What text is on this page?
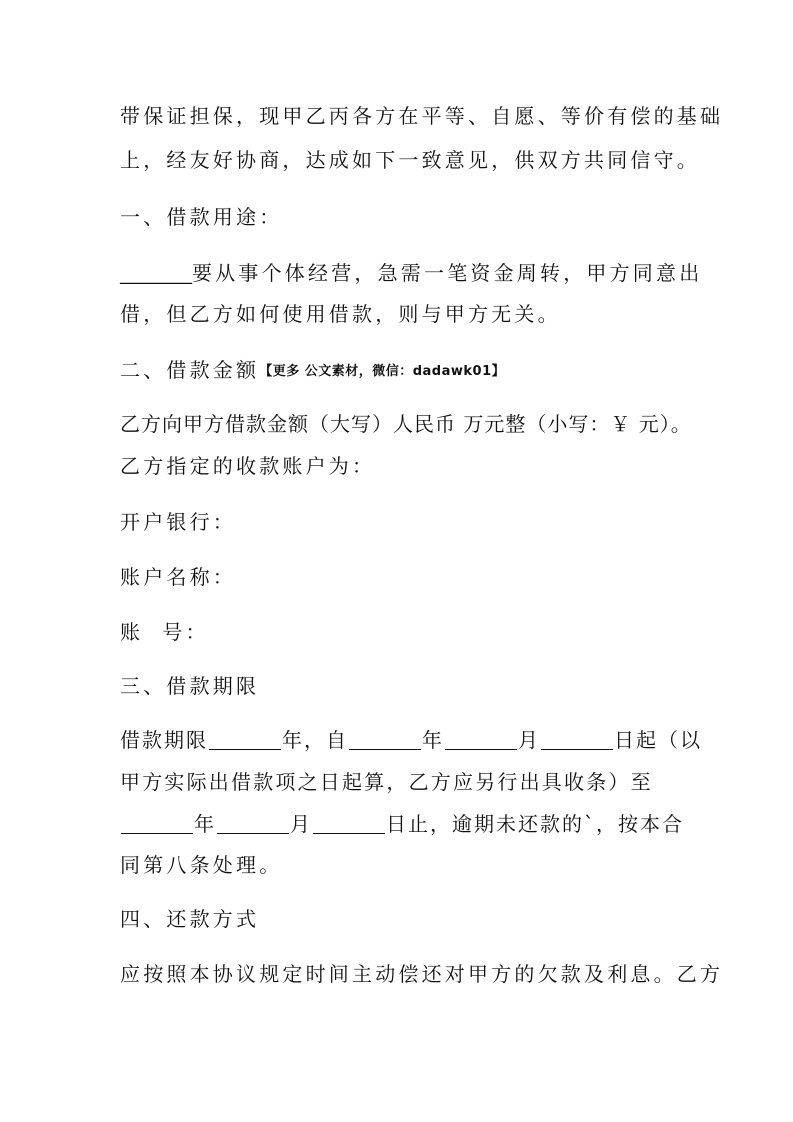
带保证担保，现甲乙丙各方在平等、自愿、等价有偿的基础
上，经友好协商，达成如下一致意见，供双方共同信守。
一、借款用途：
________要从事个体经营，急需一笔资金周转，甲方同意出
借，但乙方如何使用借款，则与甲方无关。
二、借款金额【更多 公文素材，微信：dadawk01】
乙方向甲方借款金额（大写）人民币 万元整（小写：￥ 元）。
乙方指定的收款账户为：
开户银行：
账户名称：
账  号：
三、借款期限
借款期限	年，自	年	月	日起（以
甲方实际出借款项之日起算，乙方应另行出具收条）至
年	月	日止，逾期未还款的`，按本合
同第八条处理。
四、还款方式
应按照本协议规定时间主动偿还对甲方的欠款及利息。乙方
